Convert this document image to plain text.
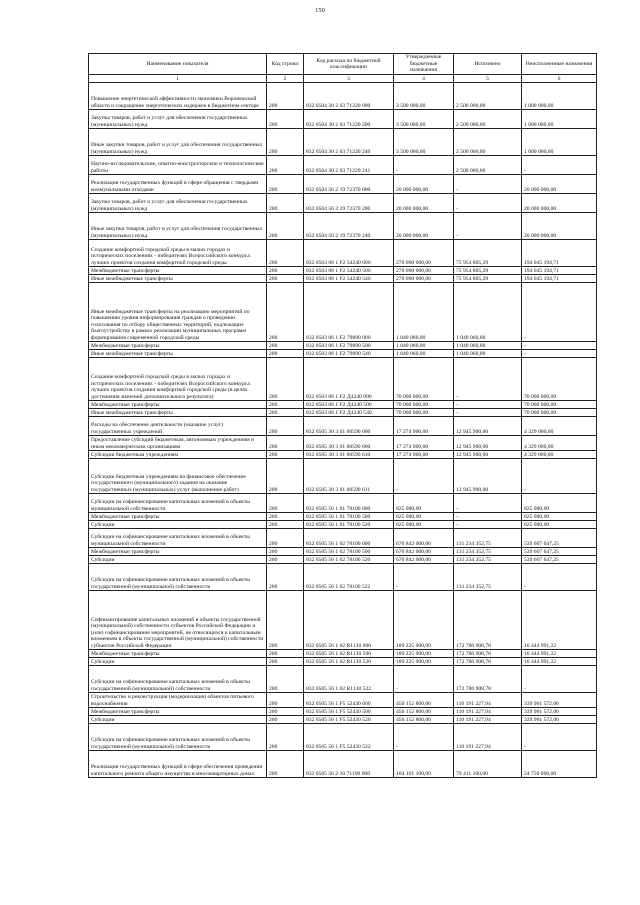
150
Наименование показателя	Код строки	Код расхода по бюджетной классификации	Утвержденные бюджетные назначения	Исполнено	Неисполненные назначения
1	2	3	4	5	6
Повышение энергетической эффективности экономики Воронежской области и сокращение энергетических издержек в бюджетном секторе	200	832 0504 30 2 03 71220 000	3 500 000,00	2 500 000,00	1 000 000,00
Закупка товаров, работ и услуг для обеспечения государственных (муниципальных) нужд	200	832 0504 30 2 03 71220 200	3 500 000,00	2 500 000,00	1 000 000,00
Иные закупки товаров, работ и услуг для обеспечения государственных (муниципальных) нужд	200	832 0504 30 2 03 71220 240	3 500 000,00	2 500 000,00	1 000 000,00
Научно-исследовательские, опытно-конструкторские и технологические работы	200	832 0504 30 2 03 71220 241	-	2 500 000,00	-
Реализация государственных функций в сфере обращения с твердыми коммунальными отходами	200	832 0504 56 2 19 72370 000	20 000 000,00	-	20 000 000,00
Закупка товаров, работ и услуг для обеспечения государственных (муниципальных) нужд	200	832 0504 56 2 19 72370 200	20 000 000,00	-	20 000 000,00
Иные закупки товаров, работ и услуг для обеспечения государственных (муниципальных) нужд	200	832 0504 56 2 19 72370 240	20 000 000,00	-	20 000 000,00
Создание комфортной городской среды в малых городах и исторических поселениях - победителях Всероссийского конкурса лучших проектов создания комфортной городской среды	200	832 0503 06 1 F2 54240 000	270 000 000,00	75 954 805,29	194 045 194,71
Межбюджетные трансферты	200	832 0503 06 1 F2 54240 500	270 000 000,00	75 954 805,29	194 045 194,71
Иные межбюджетные трансферты	200	832 0503 06 1 F2 54240 540	270 000 000,00	75 954 805,29	194 045 194,71
Иные межбюджетные трансферты на реализацию мероприятий по повышению уровня информирования граждан о проведении голосования по отбору общественных территорий, подлежащих благоустройству в рамках реализации муниципальных программ формирования современной городской среды	200	832 0503 06 1 F2 79090 000	1 040 060,00	1 040 060,00	-
Межбюджетные трансферты	200	832 0503 06 1 F2 79090 500	1 040 060,00	1 040 060,00	-
Иные межбюджетные трансферты	200	832 0503 06 1 F2 79090 540	1 040 060,00	1 040 060,00	-
Создание комфортной городской среды в малых городах и исторических поселениях - победителях Всероссийского конкурса лучших проектов создания комфортной городской среды (в целях достижения значений дополнительного результата)	200	832 0503 06 1 F2 Д4240 000	70 000 000,00	-	70 000 000,00
Межбюджетные трансферты	200	832 0503 06 1 F2 Д4240 500	70 000 000,00	-	70 000 000,00
Иные межбюджетные трансферты	200	832 0503 06 1 F2 Д4240 540	70 000 000,00	-	70 000 000,00
Расходы на обеспечение деятельности (оказание услуг) государственных учреждений	200	832 0505 30 3 01 00590 000	17 274 900,00	12 945 900,00	4 329 000,00
Предоставление субсидий бюджетным, автономным учреждениям и иным некоммерческим организациям	200	832 0505 30 3 01 00590 600	17 274 900,00	12 945 900,00	4 329 000,00
Субсидии бюджетным учреждениям	200	832 0505 30 3 01 00590 610	17 274 900,00	12 945 900,00	4 329 000,00
Субсидии бюджетным учреждениям на финансовое обеспечение государственного (муниципального) задания на оказание государственных (муниципальных) услуг (выполнение работ)	200	832 0505 30 3 01 00590 611	-	12 945 900,00	-
Субсидии на софинансирование капитальных вложений в объекты муниципальной собственности	200	832 0505 56 1 01 78100 000	825 000,00	-	825 000,00
Межбюджетные трансферты	200	832 0505 56 1 01 78100 500	825 000,00	-	825 000,00
Субсидии	200	832 0505 56 1 01 78100 520	825 000,00	-	825 000,00
Субсидии на софинансирование капитальных вложений в объекты муниципальной собственности	200	832 0505 56 1 02 78100 000	670 842 000,00	131 234 352,75	539 607 647,25
Межбюджетные трансферты	200	832 0505 56 1 02 78100 500	670 842 000,00	131 234 352,75	539 607 647,25
Субсидии	200	832 0505 56 1 02 78100 520	670 842 000,00	131 234 352,75	539 607 647,25
Субсидии на софинансирование капитальных вложений в объекты государственной (муниципальной) собственности	200	832 0505 56 1 02 78100 522	-	131 234 352,75	-
Софинансирование капитальных вложений в объекты государственной (муниципальной) собственности субъектов Российской Федерации и (или) софинансирование мероприятий, не относящихся к капитальным вложениям в объекты государственной (муниципальной) собственности субъектов Российской Федерации	200	832 0505 56 1 02 R1130 000	189 225 900,00	172 780 908,78	16 444 991,22
Межбюджетные трансферты	200	832 0505 56 1 02 R1130 500	189 225 900,00	172 780 908,78	16 444 991,22
Субсидии	200	832 0505 56 1 02 R1130 520	189 225 900,00	172 780 908,78	16 444 991,22
Субсидии на софинансирование капитальных вложений в объекты государственной (муниципальной) собственности	200	832 0505 56 1 02 R1130 522	-	172 780 908,78	-
Строительство и реконструкция (модернизация) объектов питьевого водоснабжения	200	832 0505 56 1 F5 52430 000	450 152 800,00	110 191 227,94	339 961 572,06
Межбюджетные трансферты	200	832 0505 56 1 F5 52430 500	450 152 800,00	110 191 227,94	339 961 572,06
Субсидии	200	832 0505 56 1 F5 52430 520	450 152 800,00	110 191 227,94	339 961 572,06
Субсидии на софинансирование капитальных вложений в объекты государственной (муниципальной) собственности	200	832 0505 56 1 F5 52430 522	-	110 191 227,94	-
Реализация государственных функций в сфере обеспечения проведения капитального ремонта общего имущества в многоквартирных домах	200	832 0505 56 2 10 71190 000	104 161 100,00	79 411 100,00	24 750 000,00
